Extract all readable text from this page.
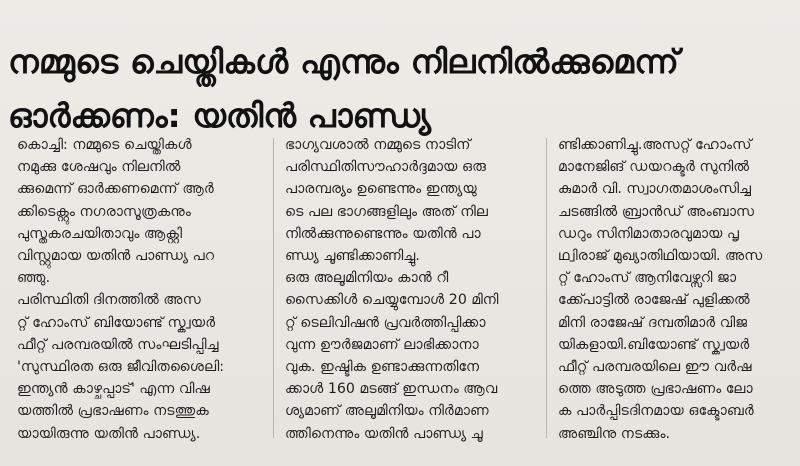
നമ്മുടെ ചെയ്തികൾ എന്നും നിലനിൽക്കുമെന്ന്
ഓർക്കണം: യതിൻ പാണ്ഡ്യ
കൊച്ചി: നമ്മുടെ ചെയ്തികൾ
നമുക്കു ശേഷവും നിലനിൽ
ക്കുമെന്ന് ഓർക്കണമെന്ന് ആർ
ക്കിടെക്റ്റും നഗരാസൂത്രകനും
പുസ്തകരചയിതാവും ആക്റ്റി
വിസ്റ്റുമായ യതിൻ പാണ്ഡ്യ പറ
ഞ്ഞു.
പരിസ്ഥിതി ദിനത്തിൽ അസ
റ്റ് ഹോംസ് ബിയോണ്ട് സ്ക്വയർ
ഫീറ്റ് പരമ്പരയിൽ സംഘടിപ്പിച്ച
'സുസ്ഥിരത ഒരു ജീവിതശൈലി:
ഇന്ത്യൻ കാഴ്ചപ്പാട്' എന്ന വിഷ
യത്തിൽ പ്രഭാഷണം നടത്തുക
യായിരുന്നു യതിൻ പാണ്ഡ്യ.
ഭാഗ്യവശാൽ നമ്മുടെ നാടിന്
പരിസ്ഥിതിസൗഹാർദ്ദമായ ഒരു
പാരമ്പര്യം ഉണ്ടെന്നും ഇന്ത്യയു
ടെ പല ഭാഗങ്ങളിലും അത് നില
നിൽക്കുന്നുണ്ടെന്നും യതിൻ പാ
ണ്ഡ്യ ചൂണ്ടിക്കാണിച്ചു.
ഒരു അലൂമിനിയം കാൻ റീ
സൈക്കിൾ ചെയ്യുമ്പോൾ 20 മിനി
റ്റ് ടെലിവിഷൻ പ്രവർത്തിപ്പിക്കാ
വുന്ന ഊർജമാണ് ലാഭിക്കാനാ
വുക. ഇഷ്ടിക ഉണ്ടാക്കുന്നതിനേ
ക്കാൾ 160 മടങ്ങ് ഇന്ധനം ആവ
ശ്യമാണ് അലൂമിനിയം നിർമാണ
ത്തിനെന്നും യതിൻ പാണ്ഡ്യ ചൂ
ണ്ടിക്കാണിച്ചു.അസറ്റ് ഹോംസ്
മാനേജിങ് ഡയറക്ടർ സുനിൽ
കുമാർ വി. സ്വാഗതമാശംസിച്ച
ചടങ്ങിൽ ബ്രാൻഡ് അംബാസ
ഡറും സിനിമാതാരവുമായ പൃ
ഥ്വിരാജ് മുഖ്യാതിഥിയായി. അസ
റ്റ് ഹോംസ് ആനിവേഴ്സറി ജാ
ക്ക്പോട്ടിൽ രാജേഷ് പുളിക്കൽ
മിനി രാജേഷ് ദമ്പതിമാർ വിജ
യികളായി.ബിയോണ്ട് സ്ക്വയർ
ഫീറ്റ് പരമ്പരയിലെ ഈ വർഷ
ത്തെ അടുത്ത പ്രഭാഷണം ലോ
ക പാർപ്പിടദിനമായ ഒക്ടോബർ
അഞ്ചിനു നടക്കും.
